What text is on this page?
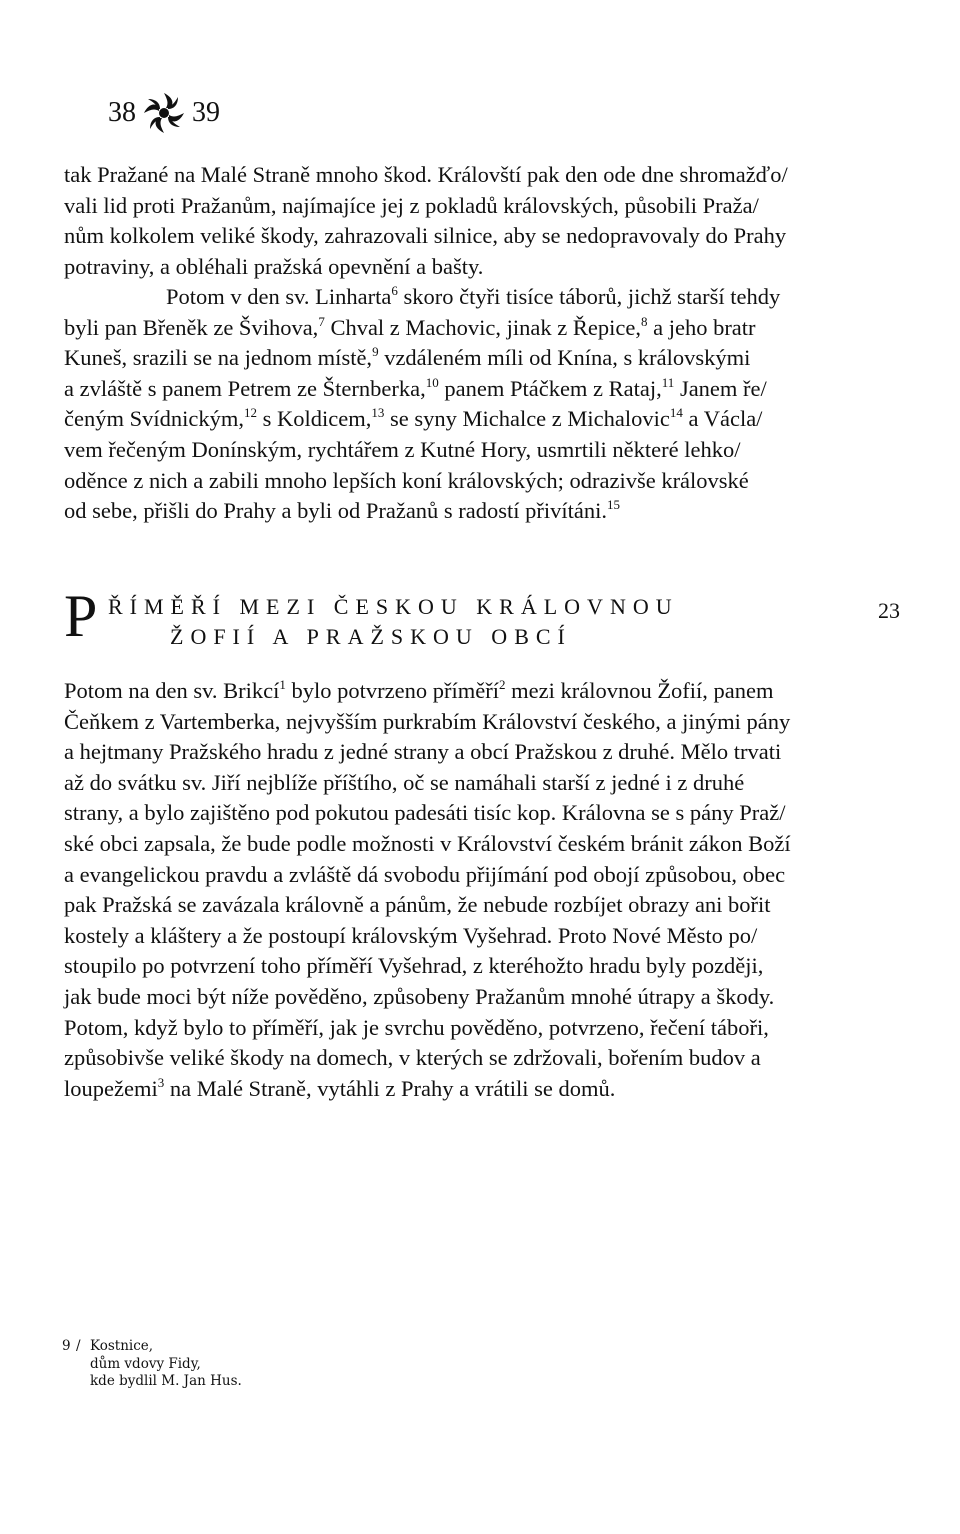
38 39
tak Pražané na Malé Straně mnoho škod. Královští pak den ode dne shromažďo/
vali lid proti Pražanům, najímajíce jej z pokladů královských, působili Praža/
nům kolkolem veliké škody, zahrazovali silnice, aby se nedopravovaly do Prahy
potraviny, a obléhali pražská opevnění a bašty.
Potom v den sv. Linharta$^6$ skoro čtyři tisíce táborů, jichž starší tehdy
byli pan Břeněk ze Švihova,$^7$ Chval z Machovic, jinak z Řepice,$^8$ a jeho bratr
Kuneš, srazili se na jednom místě,$^9$ vzdáleném míli od Knína, s královskými
a zvláště s panem Petrem ze Šternberka,$^{10}$ panem Ptáčkem z Rataj,$^{11}$ Janem ře/
čeným Svídnickým,$^{12}$ s Koldicem,$^{13}$ se syny Michalce z Michalovic$^{14}$ a Václa/
vem řečeným Donínským, rychtářem z Kutné Hory, usmrtili některé lehko/
oděnce z nich a zabili mnoho lepších koní královských; odrazivše královské
od sebe, přišli do Prahy a byli od Pražanů s radostí přivítáni.$^{15}$
P ŘÍMĚŘÍ MEZI ČESKOU KRÁLOVNOU
ŽOFIÍ A PRAŽSKOU OBCÍ
23
Potom na den sv. Brikcí$^1$ bylo potvrzeno příměří$^2$ mezi královnou Žofií, panem
Čeňkem z Vartemberka, nejvyšším purkrabím Království českého, a jinými pány
a hejtmany Pražského hradu z jedné strany a obcí Pražskou z druhé. Mělo trvati
až do svátku sv. Jiří nejblíže příštího, oč se namáhali starší z jedné i z druhé
strany, a bylo zajištěno pod pokutou padesáti tisíc kop. Královna se s pány Praž/
ské obci zapsala, že bude podle možnosti v Království českém bránit zákon Boží
a evangelickou pravdu a zvláště dá svobodu přijímání pod obojí způsobou, obec
pak Pražská se zavázala královně a pánům, že nebude rozbíjet obrazy ani bořit
kostely a kláštery a že postoupí královským Vyšehrad. Proto Nové Město po/
stoupilo po potvrzení toho příměří Vyšehrad, z kteréhožto hradu byly později,
jak bude moci být níže pověděno, způsobeny Pražanům mnohé útrapy a škody.
Potom, když bylo to příměří, jak je svrchu pověděno, potvrzeno, řečení táboři,
způsobivše veliké škody na domech, v kterých se zdržovali, bořením budov a
loupežemi$^3$ na Malé Straně, vytáhli z Prahy a vrátili se domů.
9 / Kostnice,
dům vdovy Fidy,
kde bydlil M. Jan Hus.
